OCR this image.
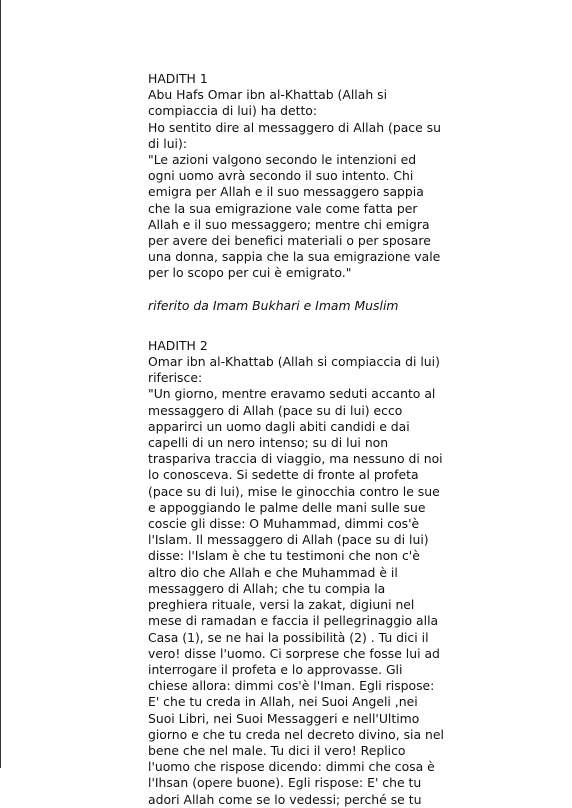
HADITH 1
Abu Hafs Omar ibn al-Khattab (Allah si
compiaccia di lui) ha detto:
Ho sentito dire al messaggero di Allah (pace su
di lui):
"Le azioni valgono secondo le intenzioni ed
ogni uomo avrà secondo il suo intento. Chi
emigra per Allah e il suo messaggero sappia
che la sua emigrazione vale come fatta per
Allah e il suo messaggero; mentre chi emigra
per avere dei benefici materiali o per sposare
una donna, sappia che la sua emigrazione vale
per lo scopo per cui è emigrato."
riferito da Imam Bukhari e Imam Muslim
HADITH 2
Omar ibn al-Khattab (Allah si compiaccia di lui)
riferisce:
"Un giorno, mentre eravamo seduti accanto al
messaggero di Allah (pace su di lui) ecco
apparirci un uomo dagli abiti candidi e dai
capelli di un nero intenso; su di lui non
traspariva traccia di viaggio, ma nessuno di noi
lo conosceva. Si sedette di fronte al profeta
(pace su di lui), mise le ginocchia contro le sue
e appoggiando le palme delle mani sulle sue
coscie gli disse: O Muhammad, dimmi cos'è
l'Islam. Il messaggero di Allah (pace su di lui)
disse: l'Islam è che tu testimoni che non c'è
altro dio che Allah e che Muhammad è il
messaggero di Allah; che tu compia la
preghiera rituale, versi la zakat, digiuni nel
mese di ramadan e faccia il pellegrinaggio alla
Casa (1), se ne hai la possibilità (2) . Tu dici il
vero! disse l'uomo. Ci sorprese che fosse lui ad
interrogare il profeta e lo approvasse. Gli
chiese allora: dimmi cos'è l'Iman. Egli rispose:
E' che tu creda in Allah, nei Suoi Angeli ,nei
Suoi Libri, nei Suoi Messaggeri e nell'Ultimo
giorno e che tu creda nel decreto divino, sia nel
bene che nel male. Tu dici il vero! Replico
l'uomo che rispose dicendo: dimmi che cosa è
l'Ihsan (opere buone). Egli rispose: E' che tu
adori Allah come se lo vedessi; perché se tu
